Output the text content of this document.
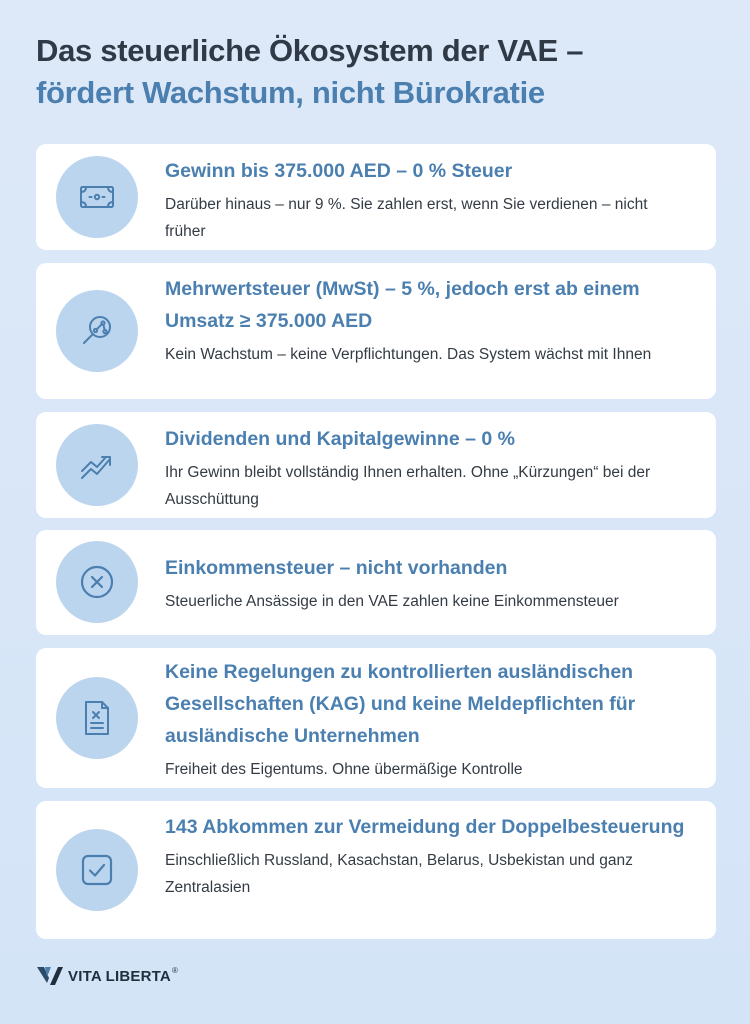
Das steuerliche Ökosystem der VAE –
fördert Wachstum, nicht Bürokratie
Gewinn bis 375.000 AED – 0 % Steuer
Darüber hinaus – nur 9 %. Sie zahlen erst, wenn Sie verdienen – nicht früher
Mehrwertsteuer (MwSt) – 5 %, jedoch erst ab einem Umsatz ≥ 375.000 AED
Kein Wachstum – keine Verpflichtungen. Das System wächst mit Ihnen
Dividenden und Kapitalgewinne – 0 %
Ihr Gewinn bleibt vollständig Ihnen erhalten. Ohne „Kürzungen“ bei der Ausschüttung
Einkommensteuer – nicht vorhanden
Steuerliche Ansässige in den VAE zahlen keine Einkommensteuer
Keine Regelungen zu kontrollierten ausländischen Gesellschaften (KAG) und keine Meldepflichten für ausländische Unternehmen
Freiheit des Eigentums. Ohne übermäßige Kontrolle
143 Abkommen zur Vermeidung der Doppelbesteuerung
Einschließlich Russland, Kasachstan, Belarus, Usbekistan und ganz Zentralasien
VITA LIBERTA ®
